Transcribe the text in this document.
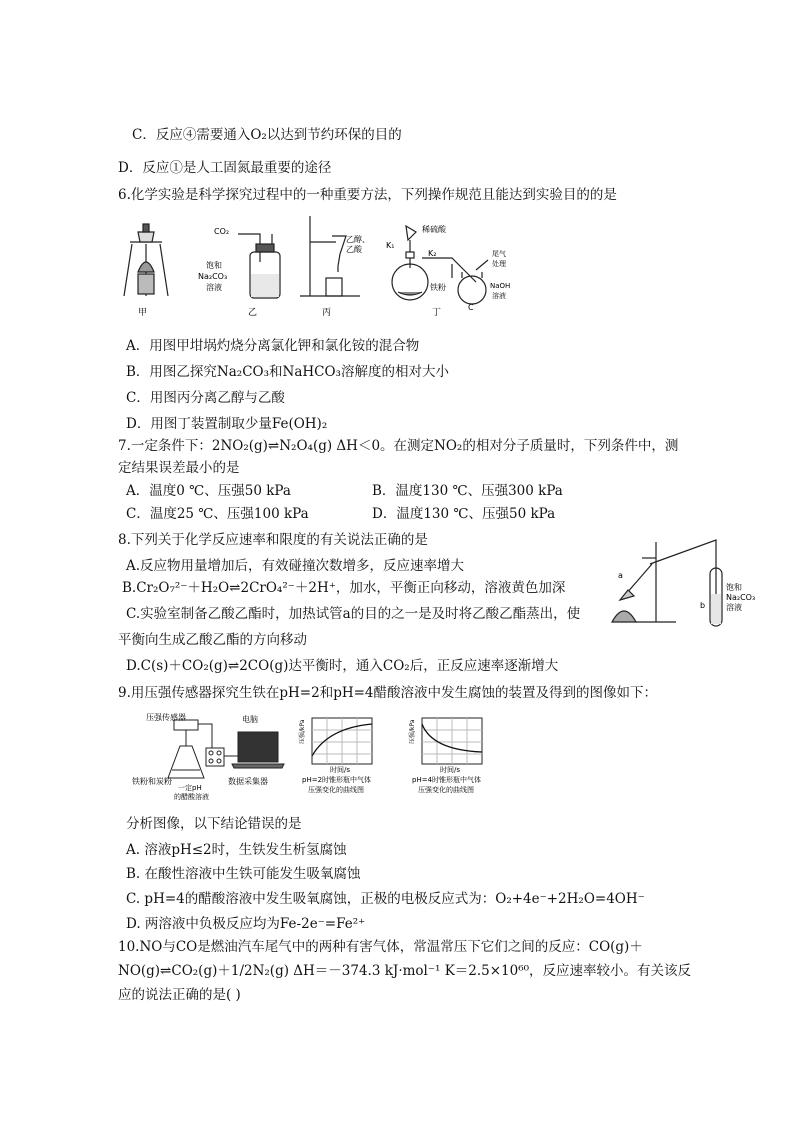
C．反应④需要通入O₂以达到节约环保的目的
D．反应①是人工固氮最重要的途径
6.化学实验是科学探究过程中的一种重要方法，下列操作规范且能达到实验目的的是
甲
CO₂
饱和
Na₂CO₃
溶液
乙
乙醇、
乙酸
丙
稀硫酸
K₁
K₂	尾气
处理
铁粉	NaOH
溶液
C
丁
A．用图甲坩埚灼烧分离氯化钾和氯化铵的混合物
B．用图乙探究Na₂CO₃和NaHCO₃溶解度的相对大小
C．用图丙分离乙醇与乙酸
D．用图丁装置制取少量Fe(OH)₂
7.一定条件下：2NO₂(g)⇌N₂O₄(g) ΔH＜0。在测定NO₂的相对分子质量时，下列条件中，测
定结果误差最小的是
A．温度0 ℃、压强50 kPa	B．温度130 ℃、压强300 kPa
C．温度25 ℃、压强100 kPa	D．温度130 ℃、压强50 kPa
8.下列关于化学反应速率和限度的有关说法正确的是
A.反应物用量增加后，有效碰撞次数增多，反应速率增大
B.Cr₂O₇²⁻＋H₂O⇌2CrO₄²⁻＋2H⁺，加水，平衡正向移动，溶液黄色加深
C.实验室制备乙酸乙酯时，加热试管a的目的之一是及时将乙酸乙酯蒸出，使
平衡向生成乙酸乙酯的方向移动
D.C(s)＋CO₂(g)⇌2CO(g)达平衡时，通入CO₂后，正反应速率逐渐增大
a
b
饱和
Na₂CO₃
溶液
9.用压强传感器探究生铁在pH=2和pH=4醋酸溶液中发生腐蚀的装置及得到的图像如下：
压强传感器	电脑
铁粉和炭粉
一定pH
的醋酸溶液
数据采集器
压强/kPa
时间/s
pH=2时锥形瓶中气体
压强变化的曲线图
压强/kPa
时间/s
pH=4时锥形瓶中气体
压强变化的曲线图
分析图像，以下结论错误的是
A. 溶液pH≤2时，生铁发生析氢腐蚀
B. 在酸性溶液中生铁可能发生吸氧腐蚀
C. pH=4的醋酸溶液中发生吸氧腐蚀，正极的电极反应式为：O₂+4e⁻+2H₂O=4OH⁻
D. 两溶液中负极反应均为Fe-2e⁻=Fe²⁺
10.NO与CO是燃油汽车尾气中的两种有害气体，常温常压下它们之间的反应：CO(g)＋
NO(g)⇌CO₂(g)＋1/2N₂(g) ΔH＝－374.3 kJ·mol⁻¹ K＝2.5×10⁶⁰，反应速率较小。有关该反
应的说法正确的是( )
